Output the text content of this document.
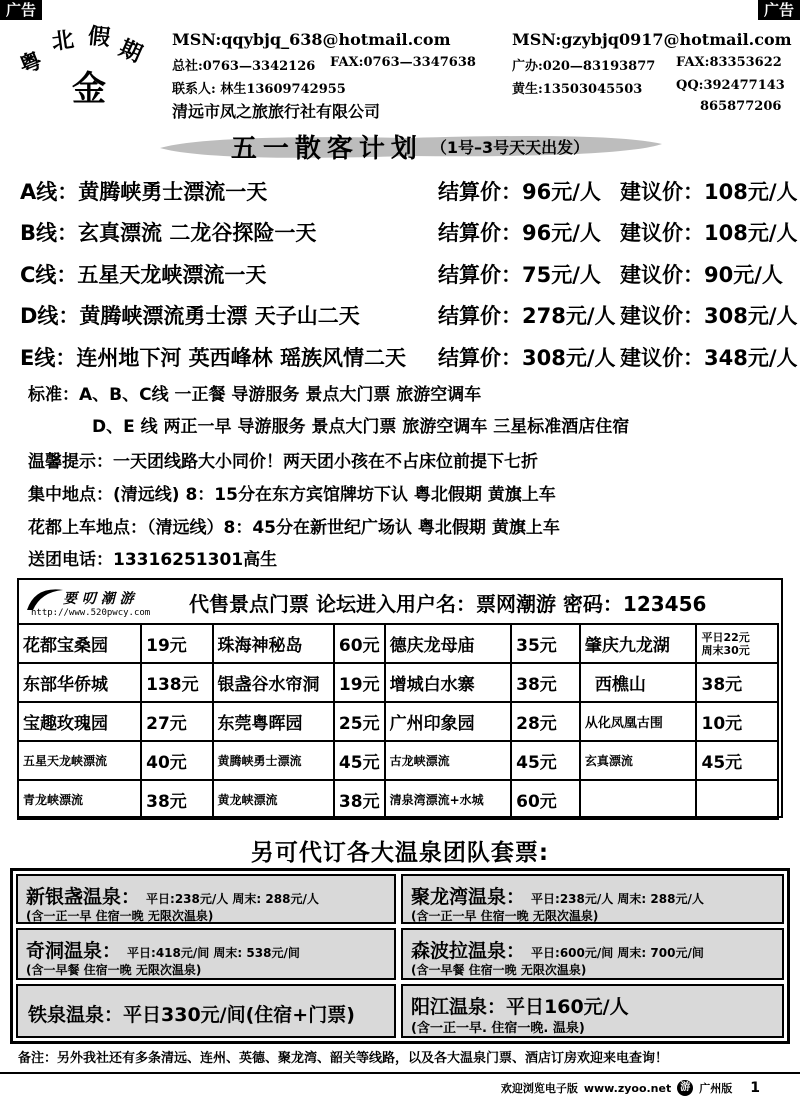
广告	广告
粤
北 假 期
金
MSN:qqybjq_638@hotmail.com
总社:0763—3342126 FAX:0763—3347638
联系人: 林生13609742955
清远市凤之旅旅行社有限公司
MSN:gzybjq0917@hotmail.com
广办:020—83193877 FAX:83353622
黄生:13503045503	QQ:392477143
865877206
五一散客计划 （1号–3号天天出发）
A线：黄腾峡勇士漂流一天	结算价：96元/人 建议价：108元/人
B线：玄真漂流 二龙谷探险一天	结算价：96元/人 建议价：108元/人
C线：五星天龙峡漂流一天	结算价：75元/人 建议价：90元/人
D线：黄腾峡漂流勇士漂 天子山二天	结算价：278元/人 建议价：308元/人
E线：连州地下河 英西峰林 瑶族风情二天 结算价：308元/人 建议价：348元/人
标准：A、B、C线 一正餐 导游服务 景点大门票 旅游空调车
D、E 线 两正一早 导游服务 景点大门票 旅游空调车 三星标准酒店住宿
温馨提示：一天团线路大小同价！两天团小孩在不占床位前提下七折
集中地点：(清远线) 8：15分在东方宾馆牌坊下认 粤北假期 黄旗上车
花都上车地点：（清远线）8：45分在新世纪广场认 粤北假期 黄旗上车
送团电话：13316251301高生
要 叨 潮 游
http://www.520pwcy.com 代售景点门票 论坛进入用户名：票网潮游 密码：123456
花都宝桑园	19元	珠海神秘岛	60元	德庆龙母庙	35元	肇庆九龙湖	平日22元
周末30元

东部华侨城	138元	银盏谷水帘洞	19元	增城白水寨	38元	西樵山	38元
宝趣玫瑰园	27元	东莞粤晖园	25元	广州印象园	28元	从化凤凰古围	10元
五星天龙峡漂流	40元	黄腾峡勇士漂流	45元	古龙峡漂流	45元	玄真漂流	45元
青龙峡漂流	38元	黄龙峡漂流	38元	清泉湾漂流+水城	60元		
另可代订各大温泉团队套票:
新银盏温泉： 平日:238元/人 周末: 288元/人
(含一正一早 住宿一晚 无限次温泉)
聚龙湾温泉： 平日:238元/人 周末: 288元/人
(含一正一早 住宿一晚 无限次温泉)
奇洞温泉： 平日:418元/间 周末: 538元/间
(含一早餐 住宿一晚 无限次温泉)
森波拉温泉： 平日:600元/间 周末: 700元/间
(含一早餐 住宿一晚 无限次温泉)
铁泉温泉：平日330元/间(住宿+门票)	阳江温泉：平日160元/人
(含一正一早. 住宿一晚. 温泉)
备注：另外我社还有多条清远、连州、英德、聚龙湾、韶关等线路，以及各大温泉门票、酒店订房欢迎来电查询！
欢迎浏览电子版 www.zyoo.net 游 广州版 1
